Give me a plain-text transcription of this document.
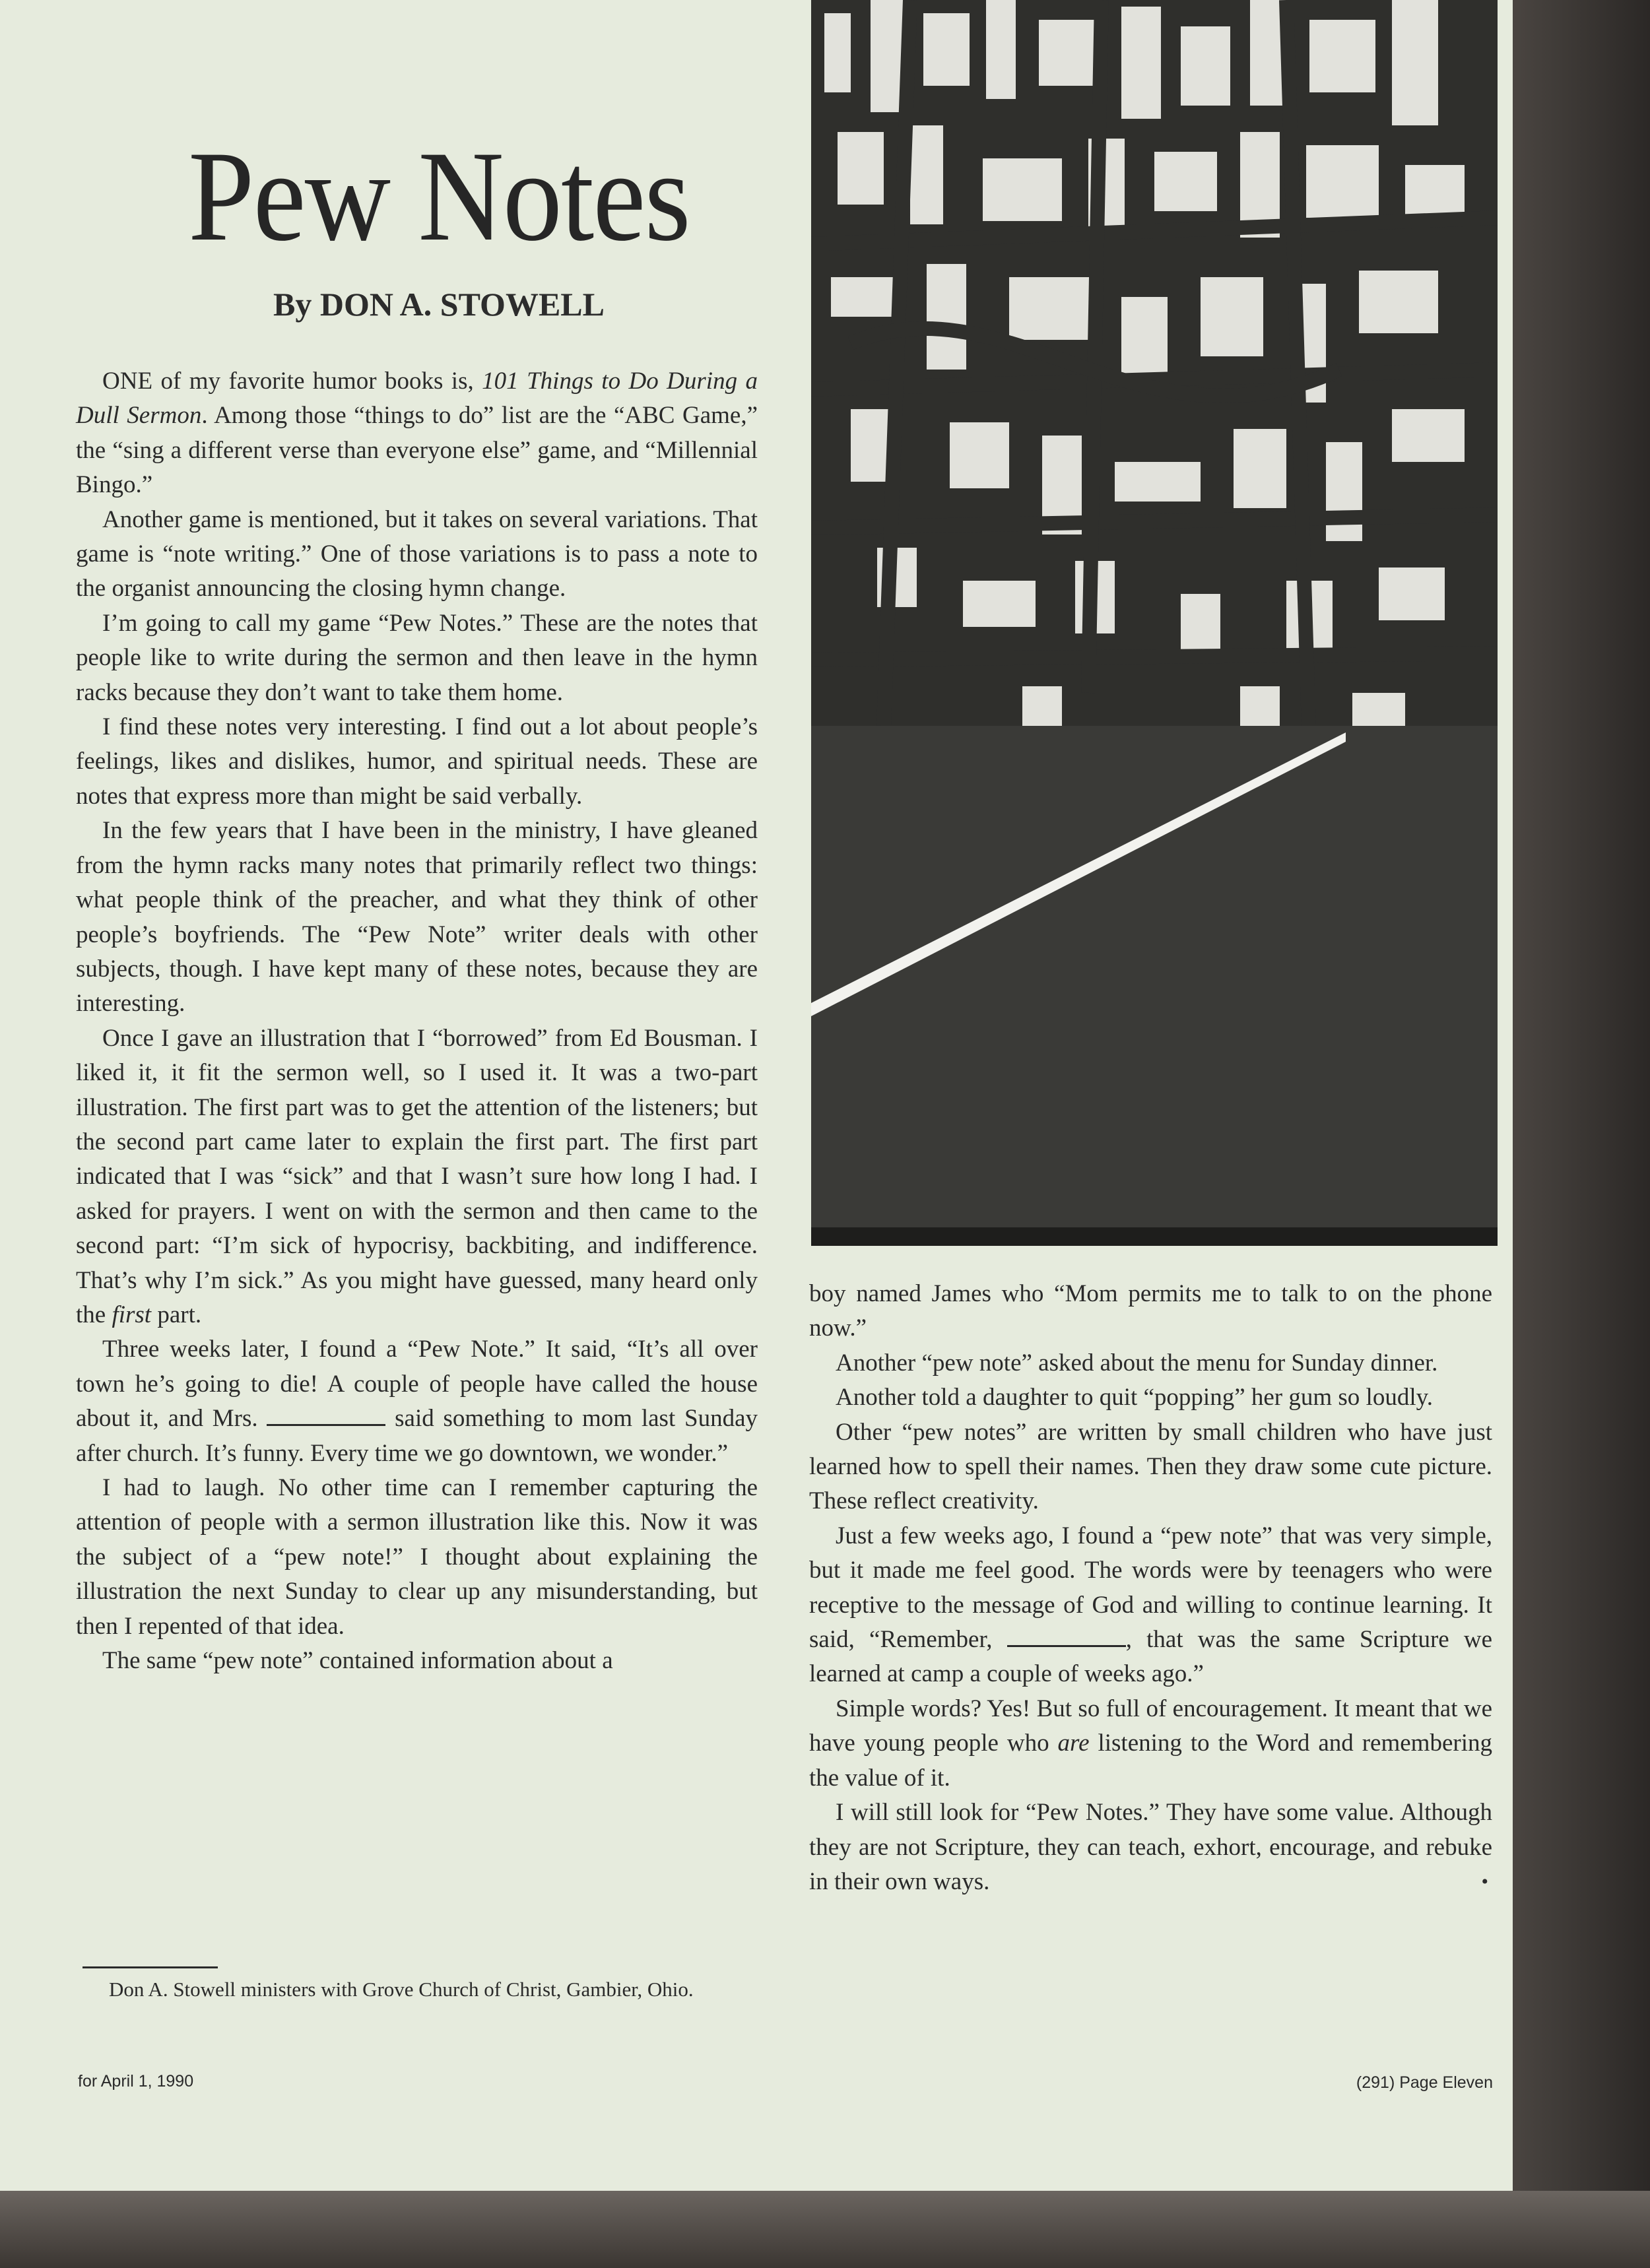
Pew Notes
By DON A. STOWELL

ONE of my favorite humor books is, 101 Things to Do During a Dull Sermon. Among those “things to do” list are the “ABC Game,” the “sing a different verse than everyone else” game, and “Millennial Bingo.”

Another game is mentioned, but it takes on several variations. That game is “note writing.” One of those variations is to pass a note to the organist announcing the closing hymn change.

I’m going to call my game “Pew Notes.” These are the notes that people like to write during the sermon and then leave in the hymn racks because they don’t want to take them home.

I find these notes very interesting. I find out a lot about people’s feelings, likes and dislikes, humor, and spiritual needs. These are notes that express more than might be said verbally.

In the few years that I have been in the ministry, I have gleaned from the hymn racks many notes that primarily reflect two things: what people think of the preacher, and what they think of other people’s boyfriends. The “Pew Note” writer deals with other subjects, though. I have kept many of these notes, because they are interesting.

Once I gave an illustration that I “borrowed” from Ed Bousman. I liked it, it fit the sermon well, so I used it. It was a two-part illustration. The first part was to get the attention of the listeners; but the second part came later to explain the first part. The first part indicated that I was “sick” and that I wasn’t sure how long I had. I asked for prayers. I went on with the sermon and then came to the second part: “I’m sick of hypocrisy, backbiting, and indifference. That’s why I’m sick.” As you might have guessed, many heard only the first part.

Three weeks later, I found a “Pew Note.” It said, “It’s all over town he’s going to die! A couple of people have called the house about it, and Mrs.	said something to mom last Sunday after church. It’s funny. Every time we go downtown, we wonder.”

I had to laugh. No other time can I remember capturing the attention of people with a sermon illustration like this. Now it was the subject of a “pew note!” I thought about explaining the illustration the next Sunday to clear up any misunderstanding, but then I repented of that idea.

The same “pew note” contained information about a

boy named James who “Mom permits me to talk to on the phone now.”

Another “pew note” asked about the menu for Sunday dinner.

Another told a daughter to quit “popping” her gum so loudly.

Other “pew notes” are written by small children who have just learned how to spell their names. Then they draw some cute picture. These reflect creativity.

Just a few weeks ago, I found a “pew note” that was very simple, but it made me feel good. The words were by teenagers who were receptive to the message of God and willing to continue learning. It said, “Remember,	, that was the same Scripture we learned at camp a couple of weeks ago.”

Simple words? Yes! But so full of encouragement. It meant that we have young people who are listening to the Word and remembering the value of it.

I will still look for “Pew Notes.” They have some value. Although they are not Scripture, they can teach, exhort, encourage, and rebuke in their own ways.	•

Don A. Stowell ministers with Grove Church of Christ, Gambier, Ohio.
for April 1, 1990	(291) Page Eleven
